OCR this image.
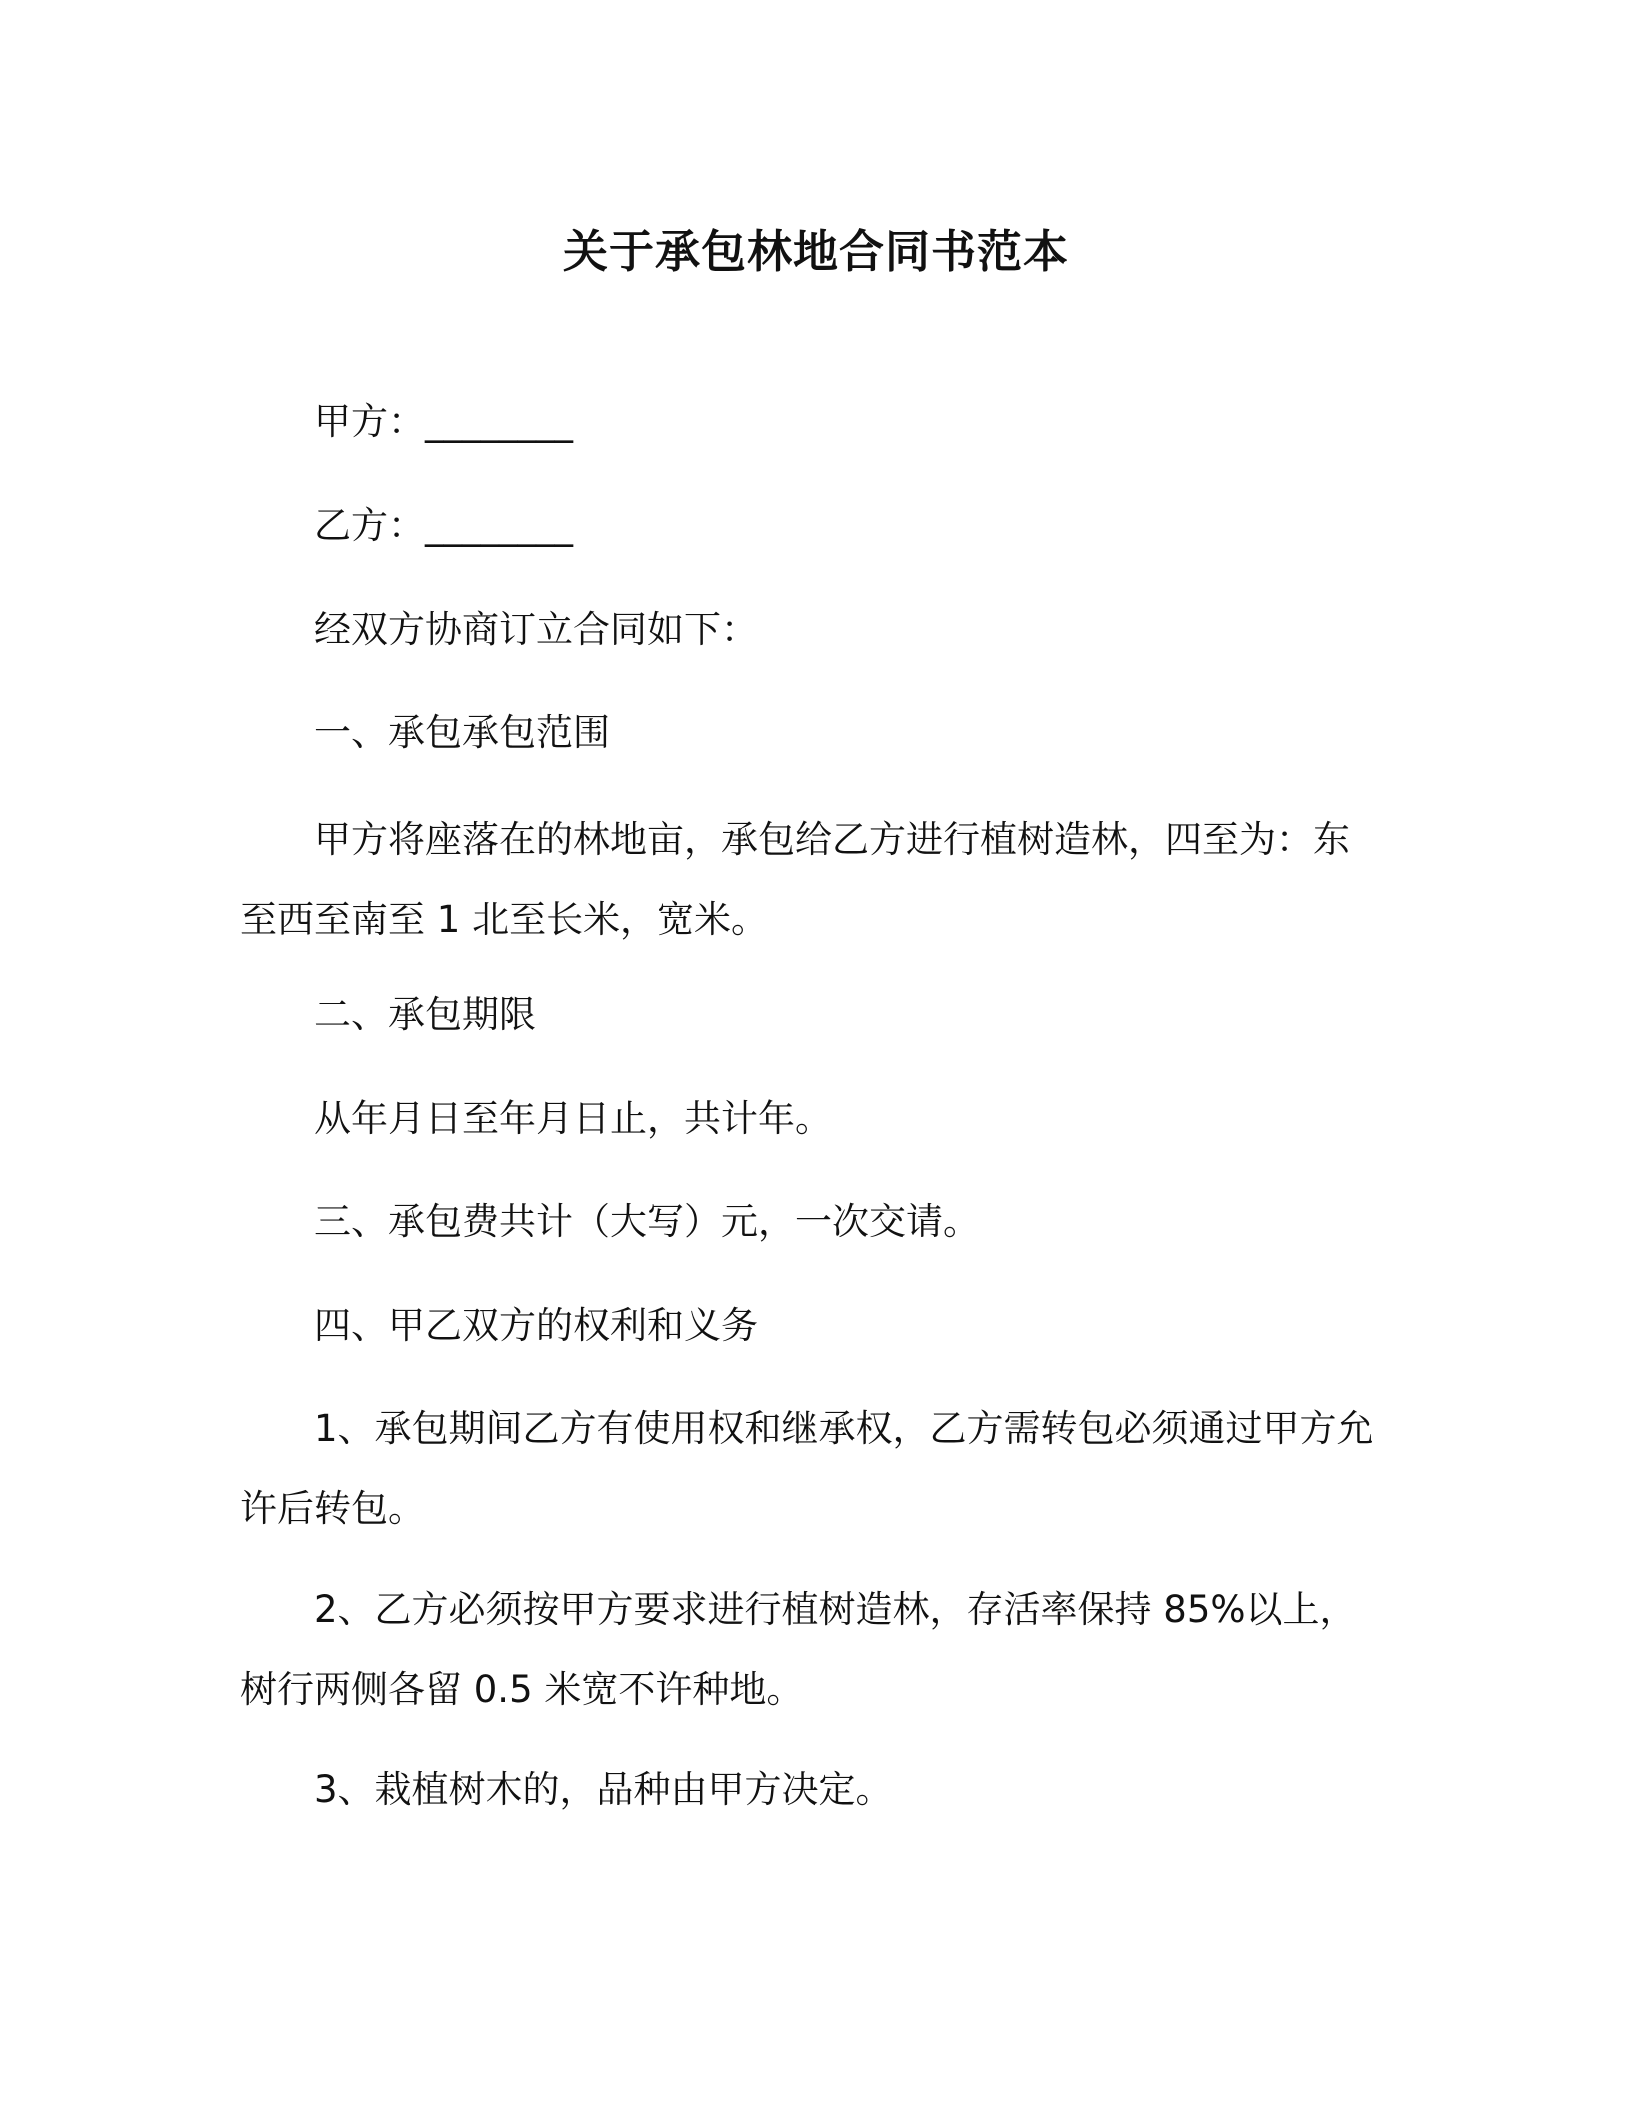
关于承包林地合同书范本
甲方：________
乙方：________
经双方协商订立合同如下：
一、承包承包范围
甲方将座落在的林地亩，承包给乙方进行植树造林，四至为：东至西至南至 1 北至长米，宽米。
二、承包期限
从年月日至年月日止，共计年。
三、承包费共计（大写）元，一次交请。
四、甲乙双方的权利和义务
1、承包期间乙方有使用权和继承权，乙方需转包必须通过甲方允许后转包。
2、乙方必须按甲方要求进行植树造林，存活率保持 85%以上，树行两侧各留 0.5 米宽不许种地。
3、栽植树木的，品种由甲方决定。
